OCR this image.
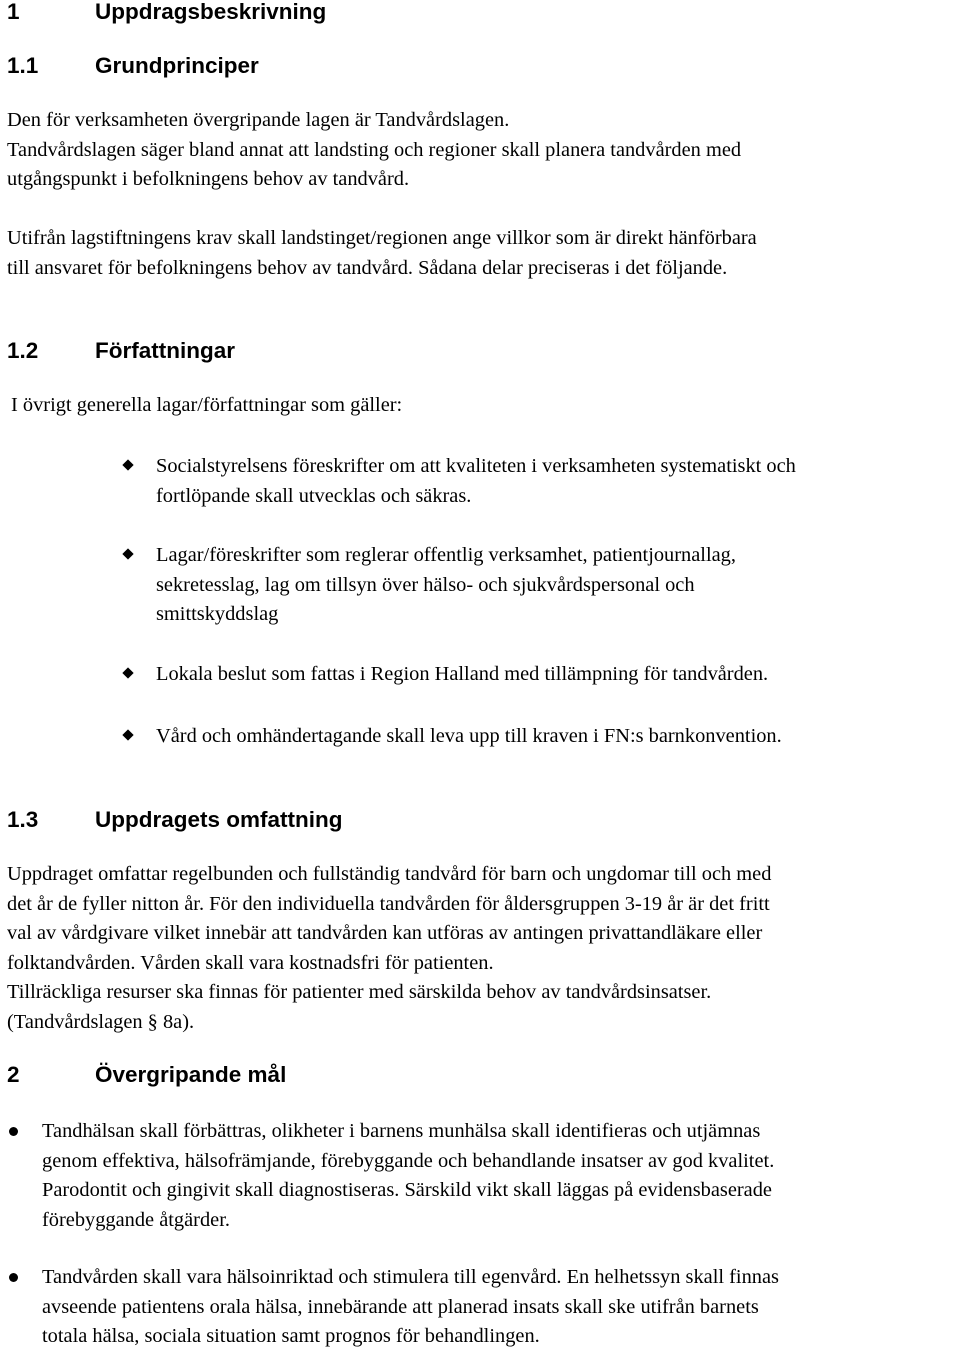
1	Uppdragsbeskrivning
1.1	Grundprinciper
Den för verksamheten övergripande lagen är Tandvårdslagen.
Tandvårdslagen säger bland annat att landsting och regioner skall planera tandvården med
utgångspunkt i befolkningens behov av tandvård.
Utifrån lagstiftningens krav skall landstinget/regionen ange villkor som är direkt hänförbara
till ansvaret för befolkningens behov av tandvård. Sådana delar preciseras i det följande.
1.2	Författningar
I övrigt generella lagar/författningar som gäller:
Socialstyrelsens föreskrifter om att kvaliteten i verksamheten systematiskt och
fortlöpande skall utvecklas och säkras.
Lagar/föreskrifter som reglerar offentlig verksamhet, patientjournallag,
sekretesslag, lag om tillsyn över hälso- och sjukvårdspersonal och
smittskyddslag
Lokala beslut som fattas i Region Halland med tillämpning för tandvården.
Vård och omhändertagande skall leva upp till kraven i FN:s barnkonvention.
1.3	Uppdragets omfattning
Uppdraget omfattar regelbunden och fullständig tandvård för barn och ungdomar till och med
det år de fyller nitton år. För den individuella tandvården för åldersgruppen 3-19 år är det fritt
val av vårdgivare vilket innebär att tandvården kan utföras av antingen privattandläkare eller
folktandvården. Vården skall vara kostnadsfri för patienten.
Tillräckliga resurser ska finnas för patienter med särskilda behov av tandvårdsinsatser.
(Tandvårdslagen § 8a).
2	Övergripande mål
Tandhälsan skall förbättras, olikheter i barnens munhälsa skall identifieras och utjämnas
genom effektiva, hälsofrämjande, förebyggande och behandlande insatser av god kvalitet.
Parodontit och gingivit skall diagnostiseras. Särskild vikt skall läggas på evidensbaserade
förebyggande åtgärder.
Tandvården skall vara hälsoinriktad och stimulera till egenvård. En helhetssyn skall finnas
avseende patientens orala hälsa, innebärande att planerad insats skall ske utifrån barnets
totala hälsa, sociala situation samt prognos för behandlingen.
